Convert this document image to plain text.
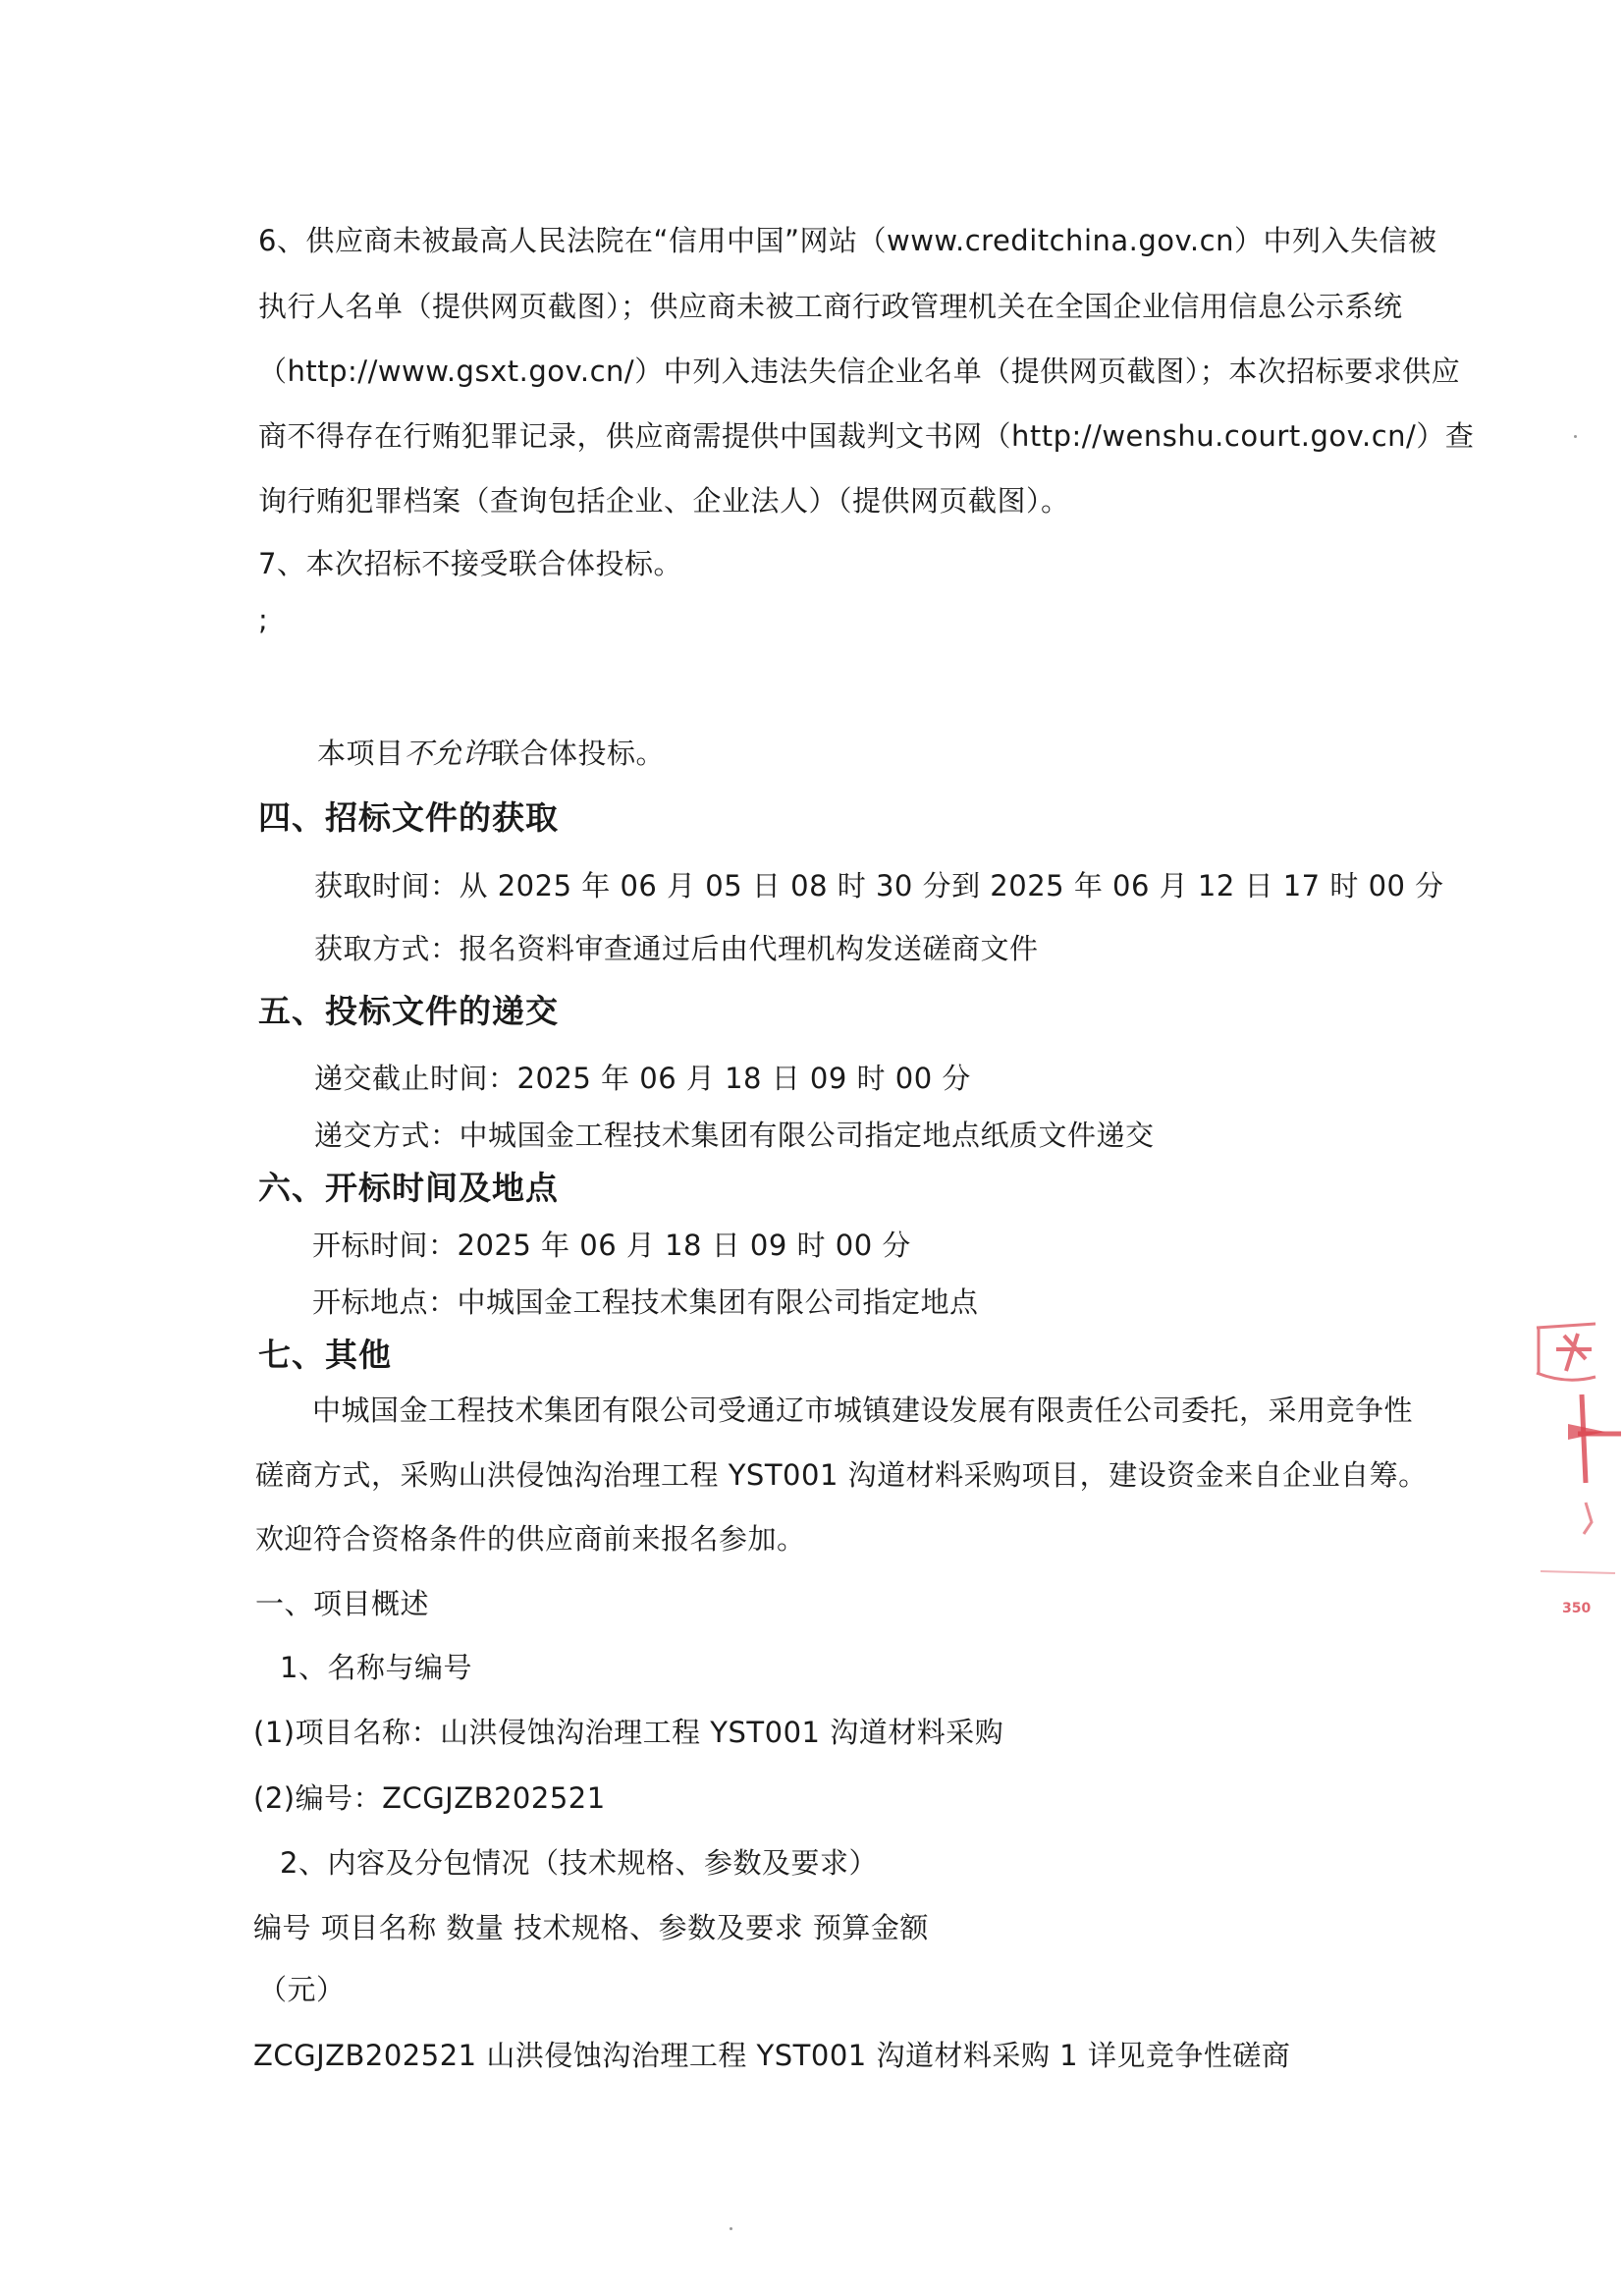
6、供应商未被最高人民法院在“信用中国”网站（www.creditchina.gov.cn）中列入失信被
执行人名单（提供网页截图）；供应商未被工商行政管理机关在全国企业信用信息公示系统
（http://www.gsxt.gov.cn/）中列入违法失信企业名单（提供网页截图）；本次招标要求供应
商不得存在行贿犯罪记录，供应商需提供中国裁判文书网（http://wenshu.court.gov.cn/）查
询行贿犯罪档案（查询包括企业、企业法人）（提供网页截图）。
7、本次招标不接受联合体投标。
;
本项目不允许联合体投标。
四、招标文件的获取
获取时间：从 2025 年 06 月 05 日 08 时 30 分到 2025 年 06 月 12 日 17 时 00 分
获取方式：报名资料审查通过后由代理机构发送磋商文件
五、投标文件的递交
递交截止时间：2025 年 06 月 18 日 09 时 00 分
递交方式：中城国金工程技术集团有限公司指定地点纸质文件递交
六、开标时间及地点
开标时间：2025 年 06 月 18 日 09 时 00 分
开标地点：中城国金工程技术集团有限公司指定地点
七、其他
中城国金工程技术集团有限公司受通辽市城镇建设发展有限责任公司委托，采用竞争性
磋商方式，采购山洪侵蚀沟治理工程 YST001 沟道材料采购项目，建设资金来自企业自筹。
欢迎符合资格条件的供应商前来报名参加。
一、项目概述
1、名称与编号
(1)项目名称：山洪侵蚀沟治理工程 YST001 沟道材料采购
(2)编号：ZCGJZB202521
2、内容及分包情况（技术规格、参数及要求）
编号 项目名称 数量 技术规格、参数及要求 预算金额
（元）
ZCGJZB202521 山洪侵蚀沟治理工程 YST001 沟道材料采购 1 详见竞争性磋商
350
